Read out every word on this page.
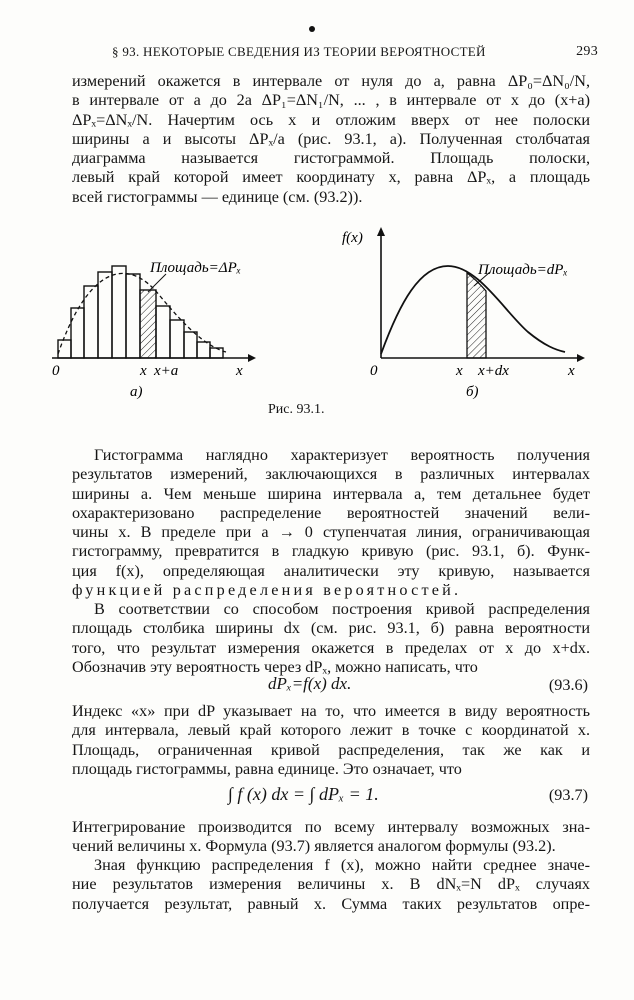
§ 93. НЕКОТОРЫЕ СВЕДЕНИЯ ИЗ ТЕОРИИ ВЕРОЯТНОСТЕЙ	293
измерений окажется в интервале от нуля до a, равна ΔP₀=ΔN₀/N,
в интервале от a до 2a ΔP₁=ΔN₁/N, ... , в интервале от x до (x+a)
ΔPₓ=ΔNₓ/N. Начертим ось x и отложим вверх от нее полоски
ширины a и высоты ΔPₓ/a (рис. 93.1, а). Полученная столбчатая
диаграмма называется гистограммой. Площадь полоски,
левый край которой имеет координату x, равна ΔPₓ, а площадь
всей гистограммы — единице (см. (93.2)).
Площадь=ΔPₓ
0	x x+a	x
а)
f(x)
Площадь=dPₓ
0	x x+dx	x
б)
Рис. 93.1.
Гистограмма наглядно характеризует вероятность получения
результатов измерений, заключающихся в различных интервалах
ширины a. Чем меньше ширина интервала a, тем детальнее будет
охарактеризовано распределение вероятностей значений вели-
чины x. В пределе при a → 0 ступенчатая линия, ограничивающая
гистограмму, превратится в гладкую кривую (рис. 93.1, б). Функ-
ция f(x), определяющая аналитически эту кривую, называется
функцией распределения вероятностей.
В соответствии со способом построения кривой распределения
площадь столбика ширины dx (см. рис. 93.1, б) равна вероятности
того, что результат измерения окажется в пределах от x до x+dx.
Обозначив эту вероятность через dPₓ, можно написать, что
dPₓ=f(x) dx.	(93.6)
Индекс «x» при dP указывает на то, что имеется в виду вероятность
для интервала, левый край которого лежит в точке с координатой x.
Площадь, ограниченная кривой распределения, так же как и
площадь гистограммы, равна единице. Это означает, что
∫ f (x) dx = ∫ dPₓ = 1.	(93.7)
Интегрирование производится по всему интервалу возможных зна-
чений величины x. Формула (93.7) является аналогом формулы (93.2).
Зная функцию распределения f (x), можно найти среднее значе-
ние результатов измерения величины x. В dNₓ=N dPₓ случаях
получается результат, равный x. Сумма таких результатов опре-
